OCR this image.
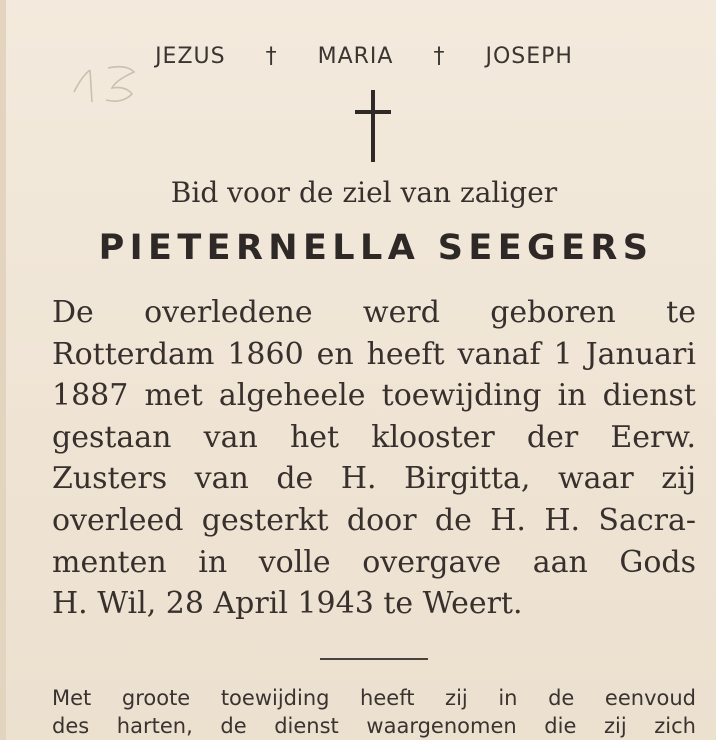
JEZUS † MARIA † JOSEPH
Bid voor de ziel van zaliger
PIETERNELLA SEEGERS
De overledene werd geboren te
Rotterdam 1860 en heeft vanaf 1 Januari
1887 met algeheele toewijding in dienst
gestaan van het klooster der Eerw.
Zusters van de H. Birgitta, waar zij
overleed gesterkt door de H. H. Sacra-
menten in volle overgave aan Gods
H. Wil, 28 April 1943 te Weert.
Met groote toewijding heeft zij in de eenvoud
des harten, de dienst waargenomen die zij zich
